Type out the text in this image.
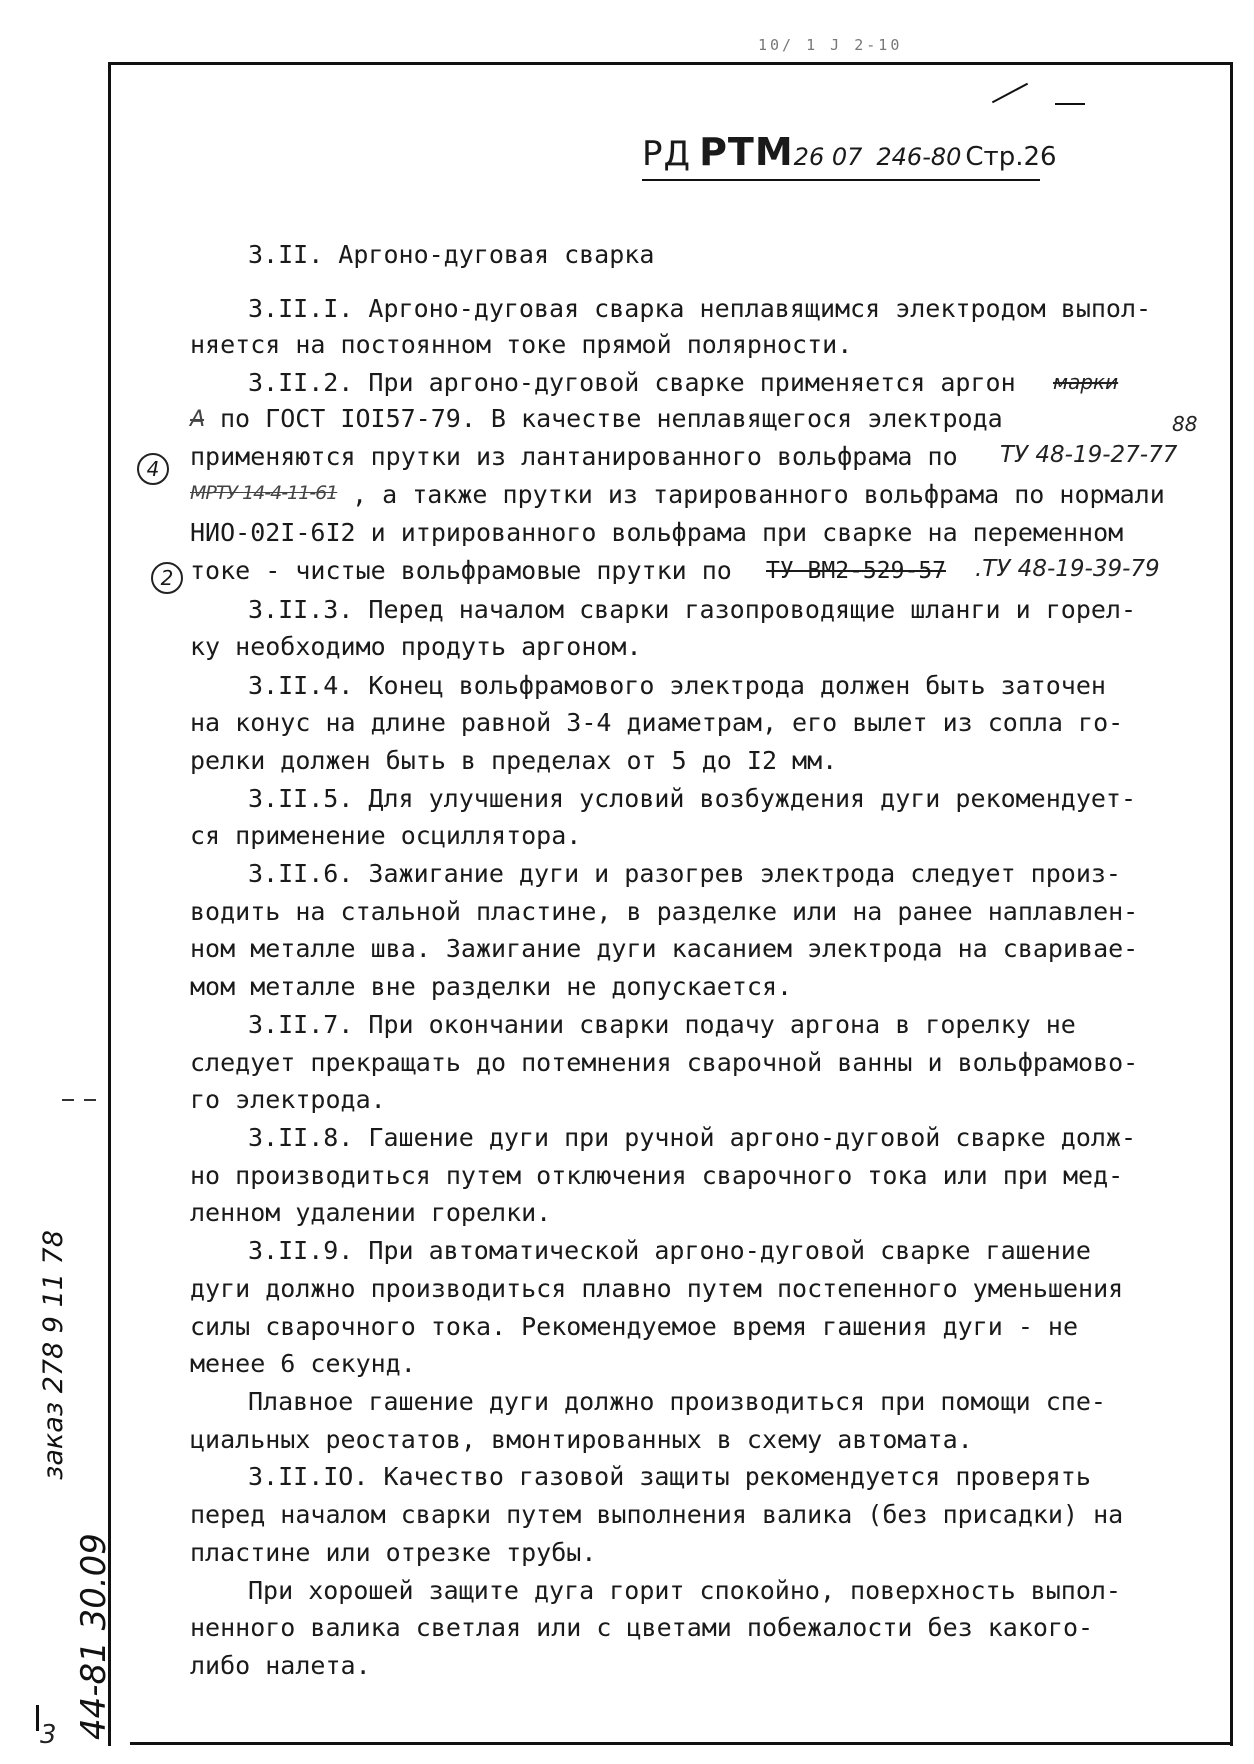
10/ 1 J 2-10
РД РТМ26 07 246-80 Стр.26
3.II. Аргоно-дуговая сварка
3.II.I. Аргоно-дуговая сварка неплавящимся электродом выпол-
няется на постоянном токе прямой полярности.
3.II.2. При аргоно-дуговой сварке применяется аргон марки
А по ГОСТ IOI57-79. В качестве неплавящегося электрода	88
4	применяются прутки из лантанированного вольфрама по ТУ 48-19-27-77
МРТУ 14-4-11-61 , а также прутки из тарированного вольфрама по нормали
НИО-02I-6I2 и итрированного вольфрама при сварке на переменном
2 токе - чистые вольфрамовые прутки по ТУ ВМ2-529-57 .ТУ 48-19-39-79
3.II.3. Перед началом сварки газопроводящие шланги и горел-
ку необходимо продуть аргоном.
3.II.4. Конец вольфрамового электрода должен быть заточен
на конус на длине равной 3-4 диаметрам, его вылет из сопла го-
релки должен быть в пределах от 5 до I2 мм.
3.II.5. Для улучшения условий возбуждения дуги рекомендует-
ся применение осциллятора.
3.II.6. Зажигание дуги и разогрев электрода следует произ-
водить на стальной пластине, в разделке или на ранее наплавлен-
ном металле шва. Зажигание дуги касанием электрода на свариваe-
мом металле вне разделки не допускается.
3.II.7. При окончании сварки подачу аргона в горелку не
следует прекращать до потемнения сварочной ванны и вольфрамово-
го электрода.
3.II.8. Гашение дуги при ручной аргоно-дуговой сварке долж-
но производиться путем отключения сварочного тока или при мед-
ленном удалении горелки.
3.II.9. При автоматической аргоно-дуговой сварке гашение
дуги должно производиться плавно путем постепенного уменьшения
силы сварочного тока. Рекомендуемое время гашения дуги - не
менее 6 секунд.
Плавное гашение дуги должно производиться при помощи спе-
циальных реостатов, вмонтированных в схему автомата.
3.II.IO. Качество газовой защиты рекомендуется проверять
перед началом сварки путем выполнения валика (без присадки) на
пластине или отрезке трубы.
При хорошей защите дуга горит спокойно, поверхность выпол-
ненного валика светлая или с цветами побежалости без какого-
либо налета.
заказ 278 9 11 78
44-81 30.09
3
